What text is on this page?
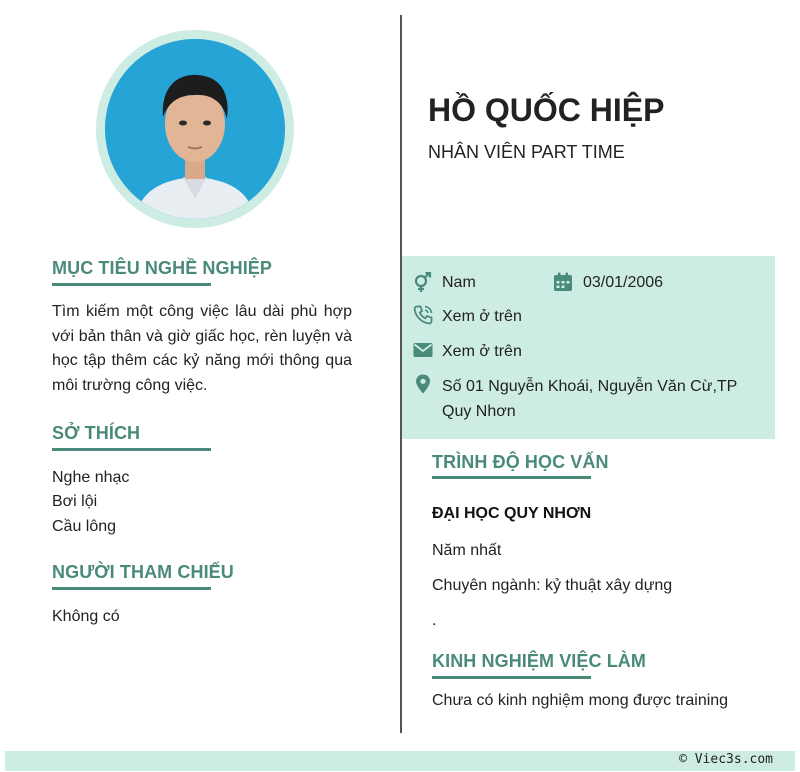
MỤC TIÊU NGHỀ NGHIỆP
Tìm kiếm một công việc lâu dài phù hợp với bản thân và giờ giấc học, rèn luyện và học tập thêm các kỷ năng mới thông qua môi trường công việc.
SỞ THÍCH
Nghe nhạc
Bơi lội
Cầu lông
NGƯỜI THAM CHIẾU
Không có
HỒ QUỐC HIỆP
NHÂN VIÊN PART TIME
Nam	03/01/2006
Xem ở trên
Xem ở trên
Số 01 Nguyễn Khoái, Nguyễn Văn Cừ,TP Quy Nhơn
TRÌNH ĐỘ HỌC VẤN
ĐẠI HỌC QUY NHƠN
Năm nhất
Chuyên ngành: kỷ thuật xây dựng
.
KINH NGHIỆM VIỆC LÀM
Chưa có kinh nghiệm mong được training
© Viec3s.com
